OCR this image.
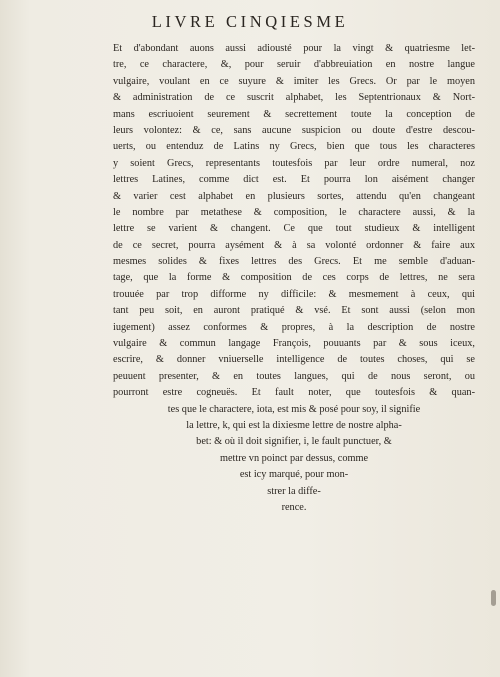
LIVRE CINQIESME
Et d'abondant auons aussi adiousté pour la vingt & quatriesme let-
tre, ce charactere, &, pour seruir d'abbreuiation en nostre langue
vulgaire, voulant en ce suyure & imiter les Grecs. Or par le moyen
& administration de ce suscrit alphabet, les Septentrionaux & Nort-
mans escriuoient seurement & secrettement toute la conception de
leurs volontez: & ce, sans aucune suspicion ou doute d'estre descou-
uerts, ou entenduz de Latins ny Grecs, bien que tous les characteres
y soient Grecs, representants toutesfois par leur ordre numeral, noz
lettres Latines, comme dict est. Et pourra lon aisément changer
& varier cest alphabet en plusieurs sortes, attendu qu'en changeant
le nombre par metathese & composition, le charactere aussi, & la
lettre se varient & changent. Ce que tout studieux & intelligent
de ce secret, pourra aysément & à sa volonté ordonner & faire aux
mesmes solides & fixes lettres des Grecs. Et me semble d'aduan-
tage, que la forme & composition de ces corps de lettres, ne sera
trouuée par trop difforme ny difficile: & mesmement à ceux, qui
tant peu soit, en auront pratiqué & vsé. Et sont aussi (selon mon
iugement) assez conformes & propres, à la description de nostre
vulgaire & commun langage François, pouuants par & sous iceux,
escrire, & donner vniuerselle intelligence de toutes choses, qui se
peuuent presenter, & en toutes langues, qui de nous seront, ou
pourront estre cogneuës. Et fault noter, que toutesfois & quan-
tes que le charactere, iota, est mis & posé pour soy, il signifie
la lettre, k, qui est la dixiesme lettre de nostre alpha-
bet: & où il doit signifier, i, le fault punctuer, &
mettre vn poinct par dessus, comme
est icy marqué, pour mon-
strer la diffe-
rence.
